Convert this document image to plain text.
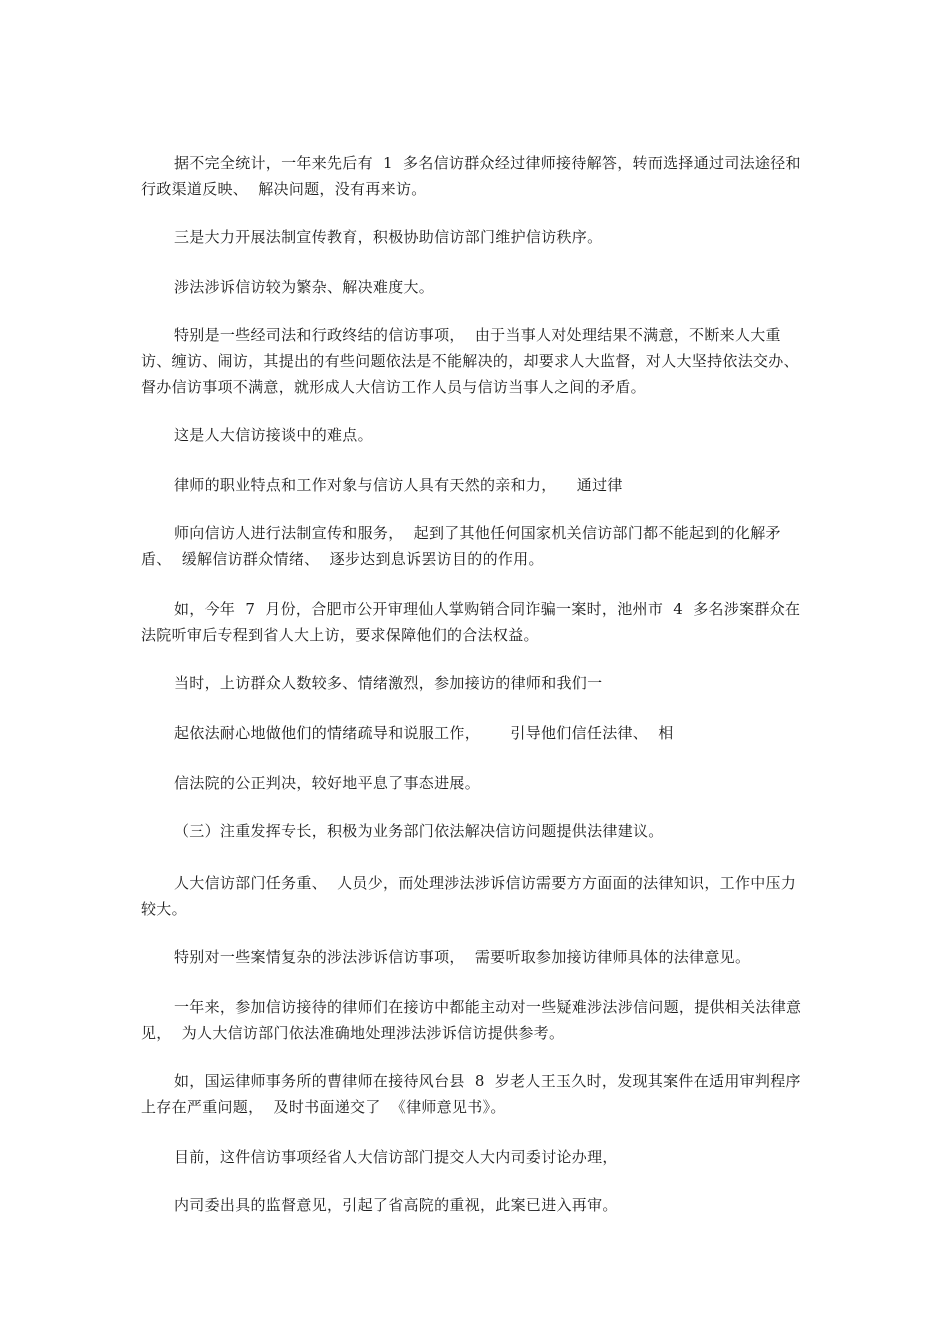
据不完全统计，一年来先后有  1  多名信访群众经过律师接待解答，转而选择通过司法途径和行政渠道反映、  解决问题，没有再来访。

三是大力开展法制宣传教育，积极协助信访部门维护信访秩序。

涉法涉诉信访较为繁杂、解决难度大。

特别是一些经司法和行政终结的信访事项，  由于当事人对处理结果不满意，不断来人大重访、缠访、闹访，其提出的有些问题依法是不能解决的，却要求人大监督，对人大坚持依法交办、督办信访事项不满意，就形成人大信访工作人员与信访当事人之间的矛盾。

这是人大信访接谈中的难点。

律师的职业特点和工作对象与信访人具有天然的亲和力，    通过律

师向信访人进行法制宣传和服务，  起到了其他任何国家机关信访部门都不能起到的化解矛盾、  缓解信访群众情绪、  逐步达到息诉罢访目的的作用。

如，今年  7  月份，合肥市公开审理仙人掌购销合同诈骗一案时，池州市  4  多名涉案群众在法院听审后专程到省人大上访，要求保障他们的合法权益。

当时，上访群众人数较多、情绪激烈，参加接访的律师和我们一

起依法耐心地做他们的情绪疏导和说服工作，      引导他们信任法律、  相

信法院的公正判决，较好地平息了事态进展。

（三）注重发挥专长，积极为业务部门依法解决信访问题提供法律建议。

人大信访部门任务重、  人员少，而处理涉法涉诉信访需要方方面面的法律知识，工作中压力较大。

特别对一些案情复杂的涉法涉诉信访事项，  需要听取参加接访律师具体的法律意见。

一年来，参加信访接待的律师们在接访中都能主动对一些疑难涉法涉信问题，提供相关法律意见，  为人大信访部门依法准确地处理涉法涉诉信访提供参考。

如，国运律师事务所的曹律师在接待风台县  8  岁老人王玉久时，发现其案件在适用审判程序上存在严重问题，  及时书面递交了  《律师意见书》。

目前，这件信访事项经省人大信访部门提交人大内司委讨论办理，

内司委出具的监督意见，引起了省高院的重视，此案已进入再审。
